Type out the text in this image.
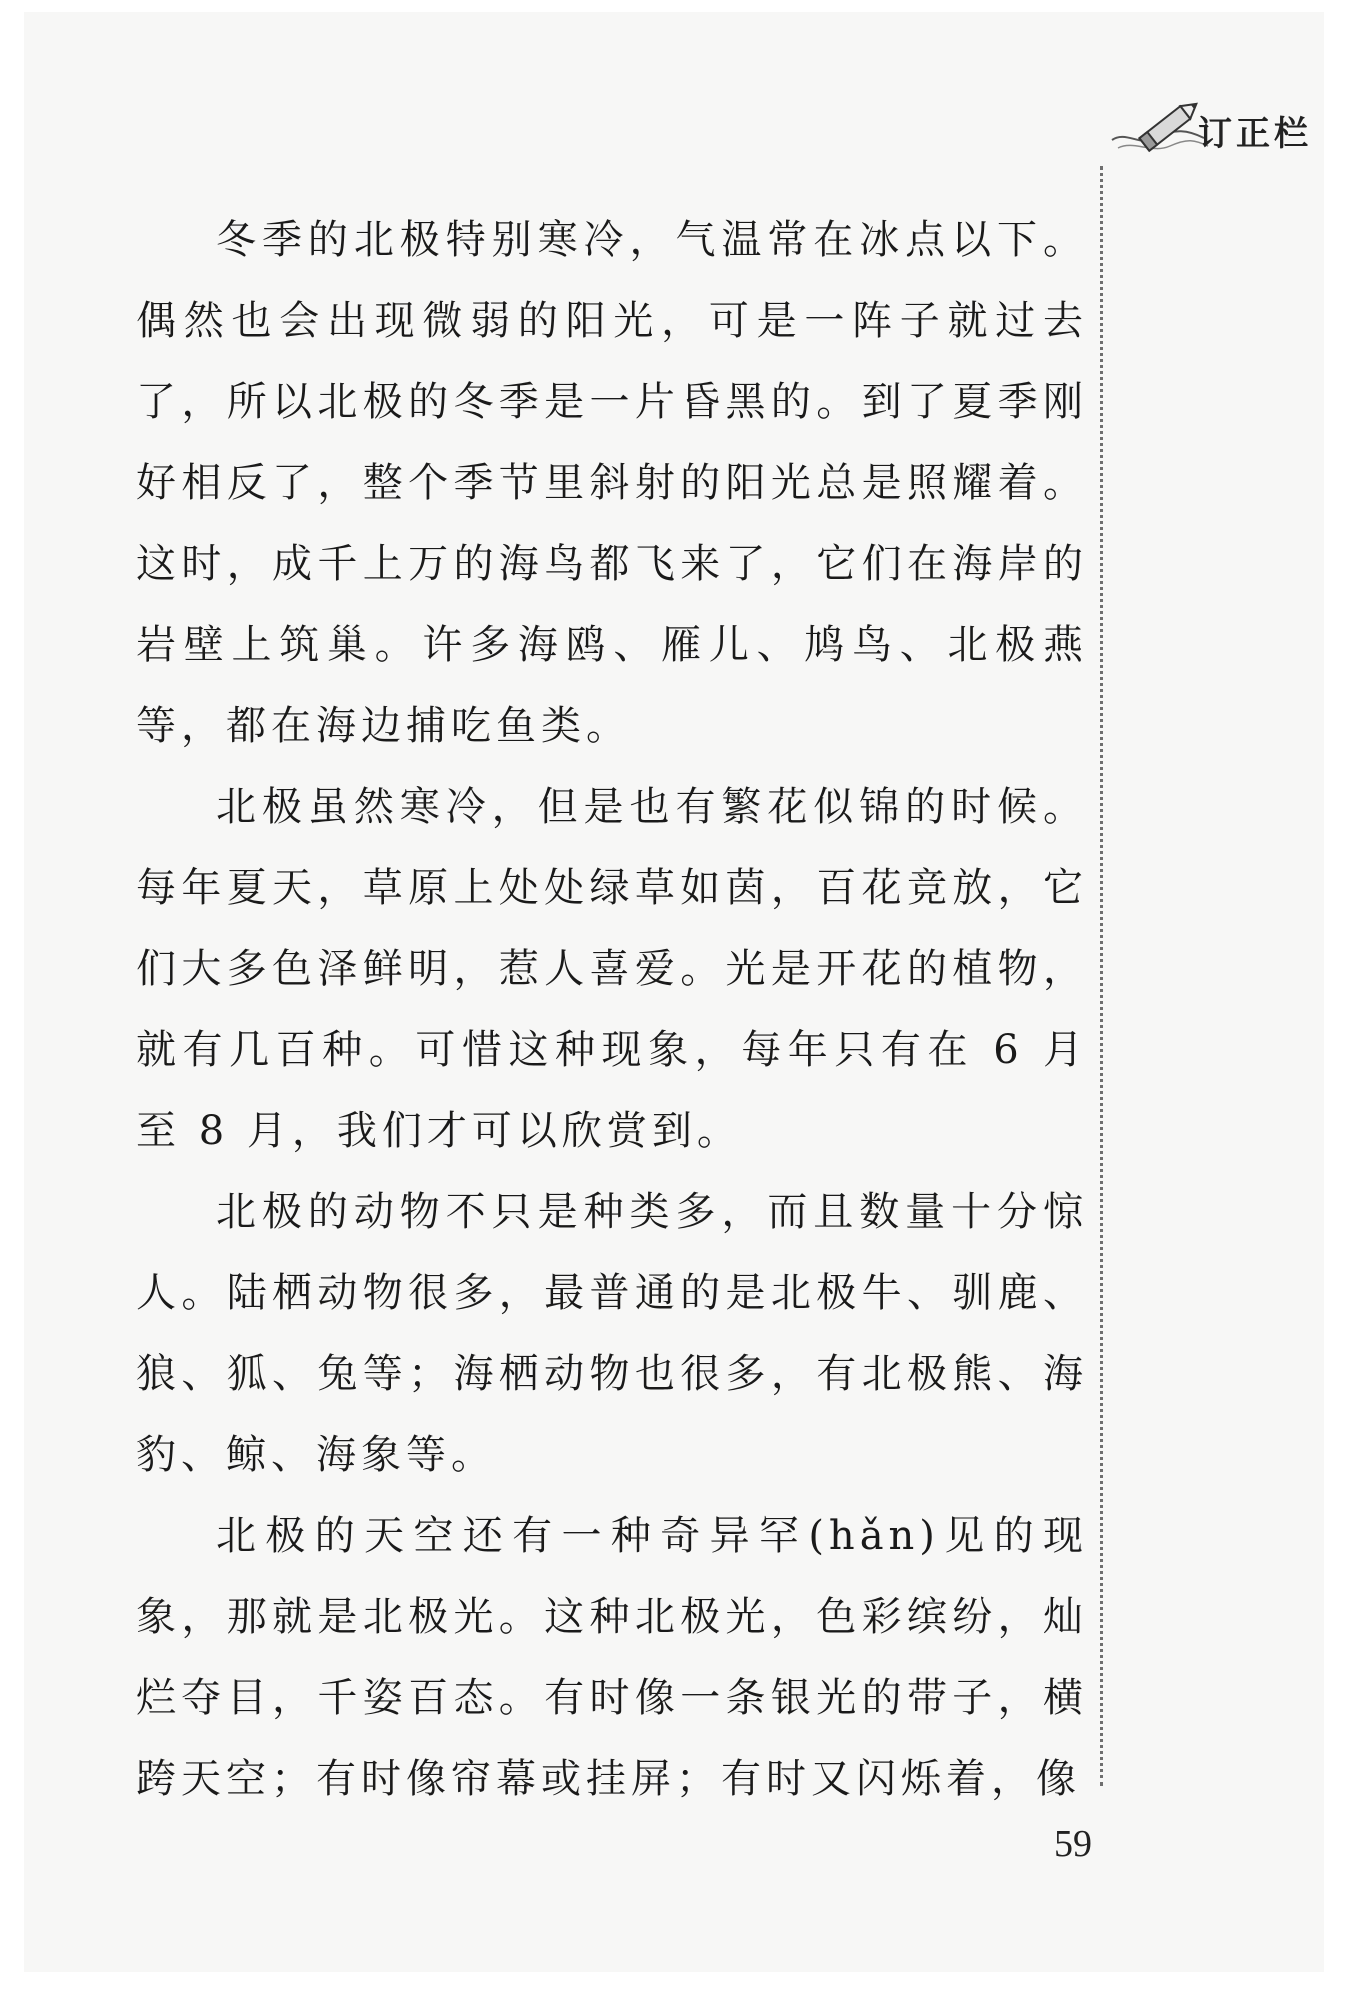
订正栏

冬季的北极特别寒冷，气温常在冰点以下。偶然也会出现微弱的阳光，可是一阵子就过去了，所以北极的冬季是一片昏黑的。到了夏季刚好相反了，整个季节里斜射的阳光总是照耀着。这时，成千上万的海鸟都飞来了，它们在海岸的岩壁上筑巢。许多海鸥、雁儿、鸠鸟、北极燕等，都在海边捕吃鱼类。

北极虽然寒冷，但是也有繁花似锦的时候。每年夏天，草原上处处绿草如茵，百花竞放，它们大多色泽鲜明，惹人喜爱。光是开花的植物，就有几百种。可惜这种现象，每年只有在 6 月至 8 月，我们才可以欣赏到。

北极的动物不只是种类多，而且数量十分惊人。陆栖动物很多，最普通的是北极牛、驯鹿、狼、狐、兔等；海栖动物也很多，有北极熊、海豹、鲸、海象等。

北极的天空还有一种奇异罕(hǎn)见的现象，那就是北极光。这种北极光，色彩缤纷，灿烂夺目，千姿百态。有时像一条银光的带子，横跨天空；有时像帘幕或挂屏；有时又闪烁着，像

59
